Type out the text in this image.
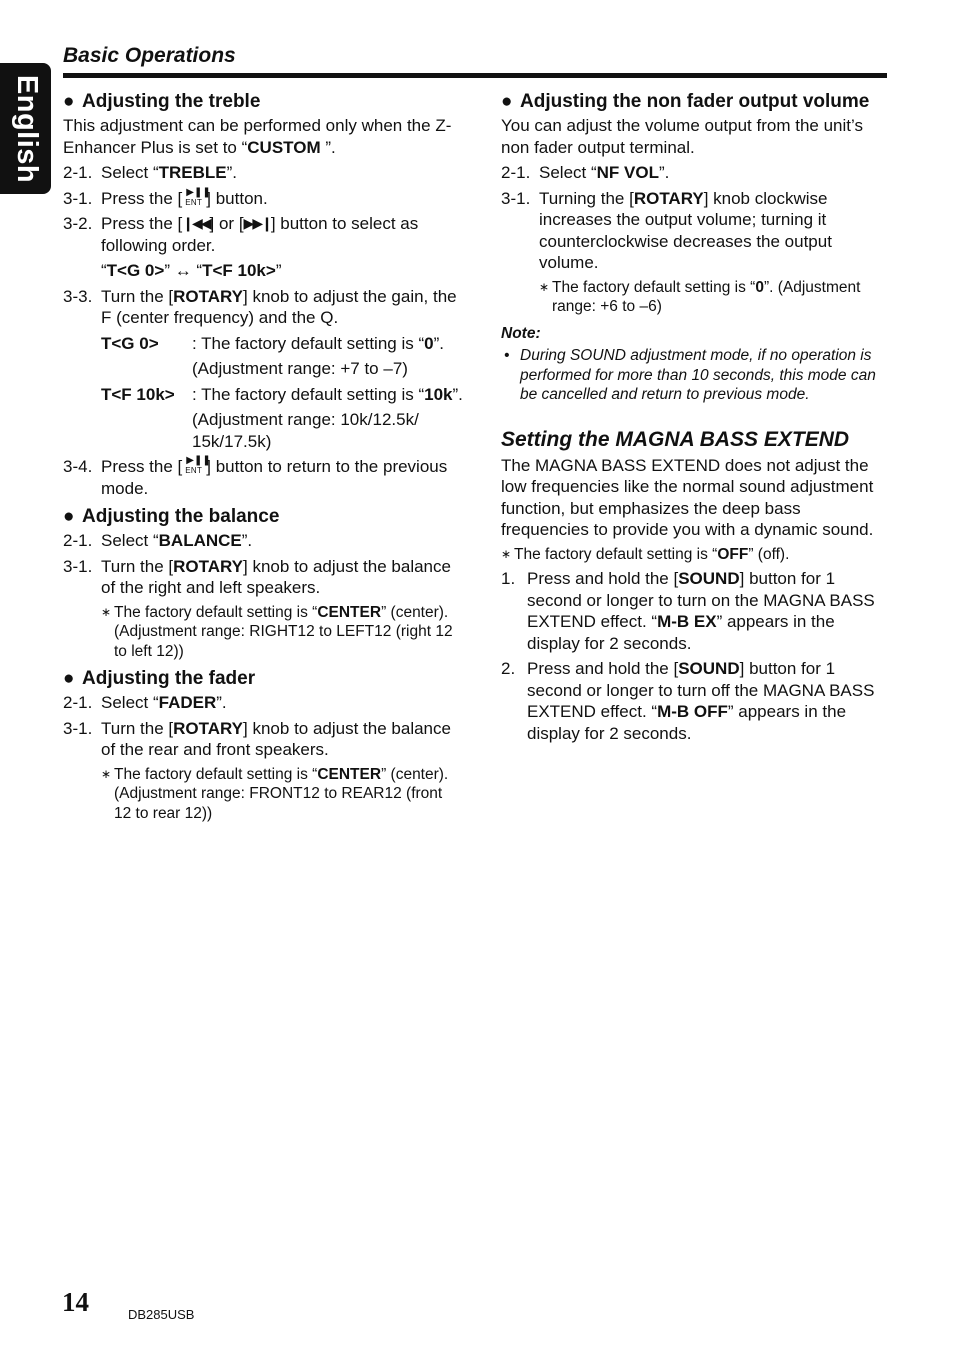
English
Basic Operations
● Adjusting the treble
This adjustment can be performed only when the Z-Enhancer Plus is set to “CUSTOM ”.
2-1. Select “TREBLE”.
3-1. Press the [ ▶❚❚
ENT ] button.
3-2. Press the [❙◀◀] or [▶▶❙] button to select as following order.
“T<G 0>” ↔ “T<F 10k>”
3-3. Turn the [ROTARY] knob to adjust the gain, the F (center frequency) and the Q.
T<G 0> : The factory default setting is “0”.
(Adjustment range: +7 to –7)
T<F 10k> : The factory default setting is “10k”.
(Adjustment range: 10k/12.5k/ 15k/17.5k)
3-4. Press the [ ▶❚❚
ENT ] button to return to the previous mode.
● Adjusting the balance
2-1. Select “BALANCE”.
3-1. Turn the [ROTARY] knob to adjust the balance of the right and left speakers.
∗ The factory default setting is “CENTER” (center). (Adjustment range: RIGHT12 to LEFT12 (right 12 to left 12))
● Adjusting the fader
2-1. Select “FADER”.
3-1. Turn the [ROTARY] knob to adjust the balance of the rear and front speakers.
∗ The factory default setting is “CENTER” (center). (Adjustment range: FRONT12 to REAR12 (front 12 to rear 12))
● Adjusting the non fader output volume
You can adjust the volume output from the unit’s non fader output terminal.
2-1. Select “NF VOL”.
3-1. Turning the [ROTARY] knob clockwise increases the output volume; turning it counterclockwise decreases the output volume.
∗ The factory default setting is “0”. (Adjustment range: +6 to –6)
Note:
• During SOUND adjustment mode, if no operation is performed for more than 10 seconds, this mode can be cancelled and return to previous mode.
Setting the MAGNA BASS EXTEND
The MAGNA BASS EXTEND does not adjust the low frequencies like the normal sound adjustment function, but emphasizes the deep bass frequencies to provide you with a dynamic sound.
∗ The factory default setting is “OFF” (off).
1. Press and hold the [SOUND] button for 1 second or longer to turn on the MAGNA BASS EXTEND effect. “M-B EX” appears in the display for 2 seconds.
2. Press and hold the [SOUND] button for 1 second or longer to turn off the MAGNA BASS EXTEND effect. “M-B OFF” appears in the display for 2 seconds.
14	DB285USB
